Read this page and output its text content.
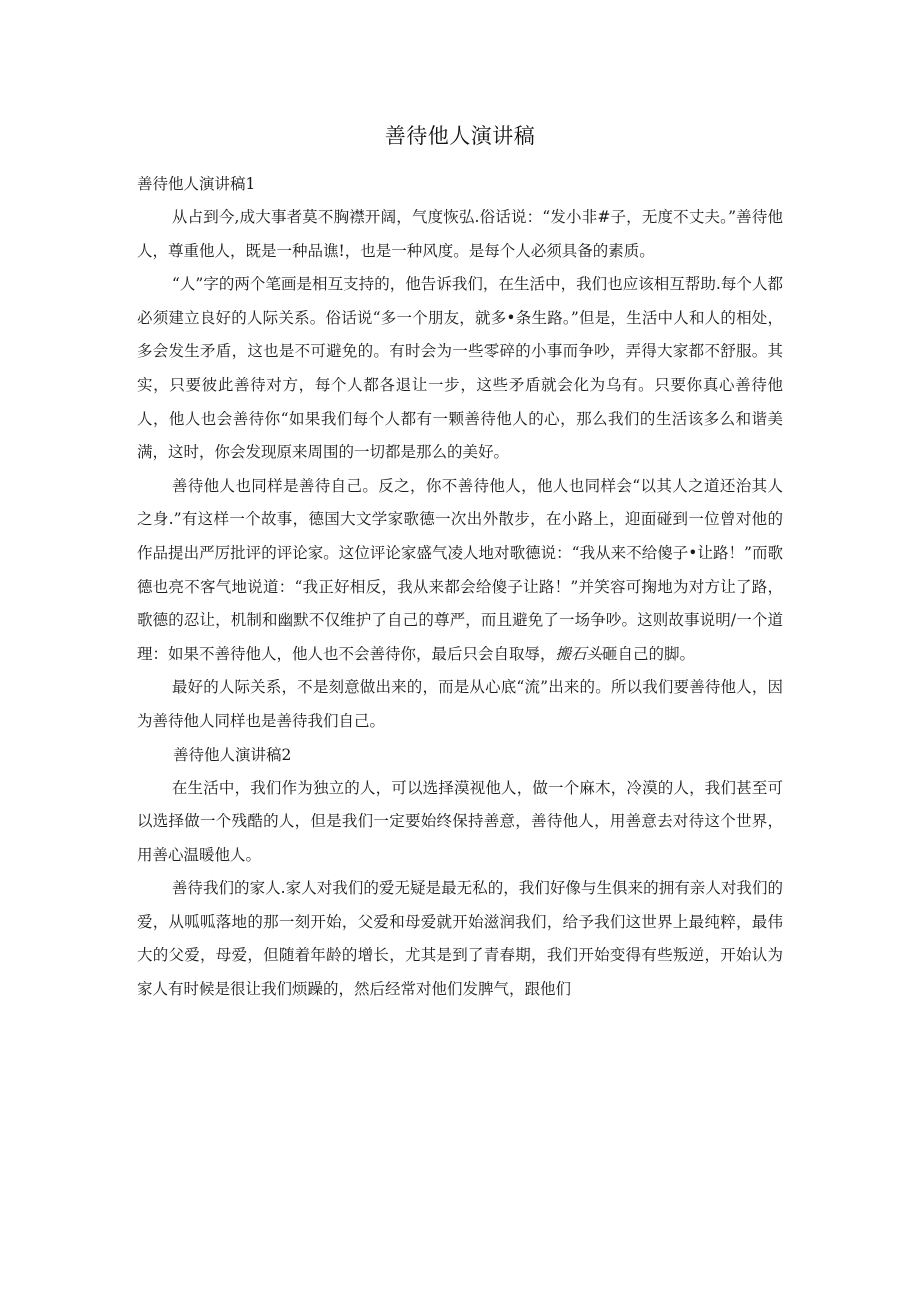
善待他人演讲稿

善待他人演讲稿1

从占到今,成大事者莫不胸襟开阔，气度恢弘.俗话说：“发小非#子，无度不丈夫。”善待他人，尊重他人，既是一种品谯!，也是一种风度。是每个人必须具备的素质。

“人”字的两个笔画是相互支持的，他告诉我们，在生活中，我们也应该相互帮助.每个人都必须建立良好的人际关系。俗话说“多一个朋友，就多•条生路。”但是，生活中人和人的相处，多会发生矛盾，这也是不可避免的。有时会为一些零碎的小事而争吵，弄得大家都不舒服。其实，只要彼此善待对方，每个人都各退让一步，这些矛盾就会化为乌有。只要你真心善待他人，他人也会善待你“如果我们每个人都有一颗善待他人的心，那么我们的生活该多么和谐美满，这时，你会发现原来周围的一切都是那么的美好。

善待他人也同样是善待自己。反之，你不善待他人，他人也同样会“以其人之道还治其人之身.”有这样一个故事，德国大文学家歌德一次出外散步，在小路上，迎面碰到一位曾对他的作品提出严厉批评的评论家。这位评论家盛气凌人地对歌德说：“我从来不给傻子•让路！”而歌德也亮不客气地说道：“我正好相反，我从来都会给傻子让路！”并笑容可掬地为对方让了路，歌德的忍让，机制和幽默不仅维护了自己的尊严，而且避免了一场争吵。这则故事说明/一个道理：如果不善待他人，他人也不会善待你，最后只会自取辱，搬石头砸自己的脚。

最好的人际关系，不是刻意做出来的，而是从心底“流”出来的。所以我们要善待他人，因为善待他人同样也是善待我们自己。

善待他人演讲稿2

在生活中，我们作为独立的人，可以选择漠视他人，做一个麻木，冷漠的人，我们甚至可以选择做一个残酷的人，但是我们一定要始终保持善意，善待他人，用善意去对待这个世界，用善心温暖他人。

善待我们的家人.家人对我们的爱无疑是最无私的，我们好像与生俱来的拥有亲人对我们的爱，从呱呱落地的那一刻开始，父爱和母爱就开始滋润我们，给予我们这世界上最纯粹，最伟大的父爱，母爱，但随着年龄的增长，尤其是到了青春期，我们开始变得有些叛逆，开始认为家人有时候是很让我们烦躁的，然后经常对他们发脾气，跟他们
